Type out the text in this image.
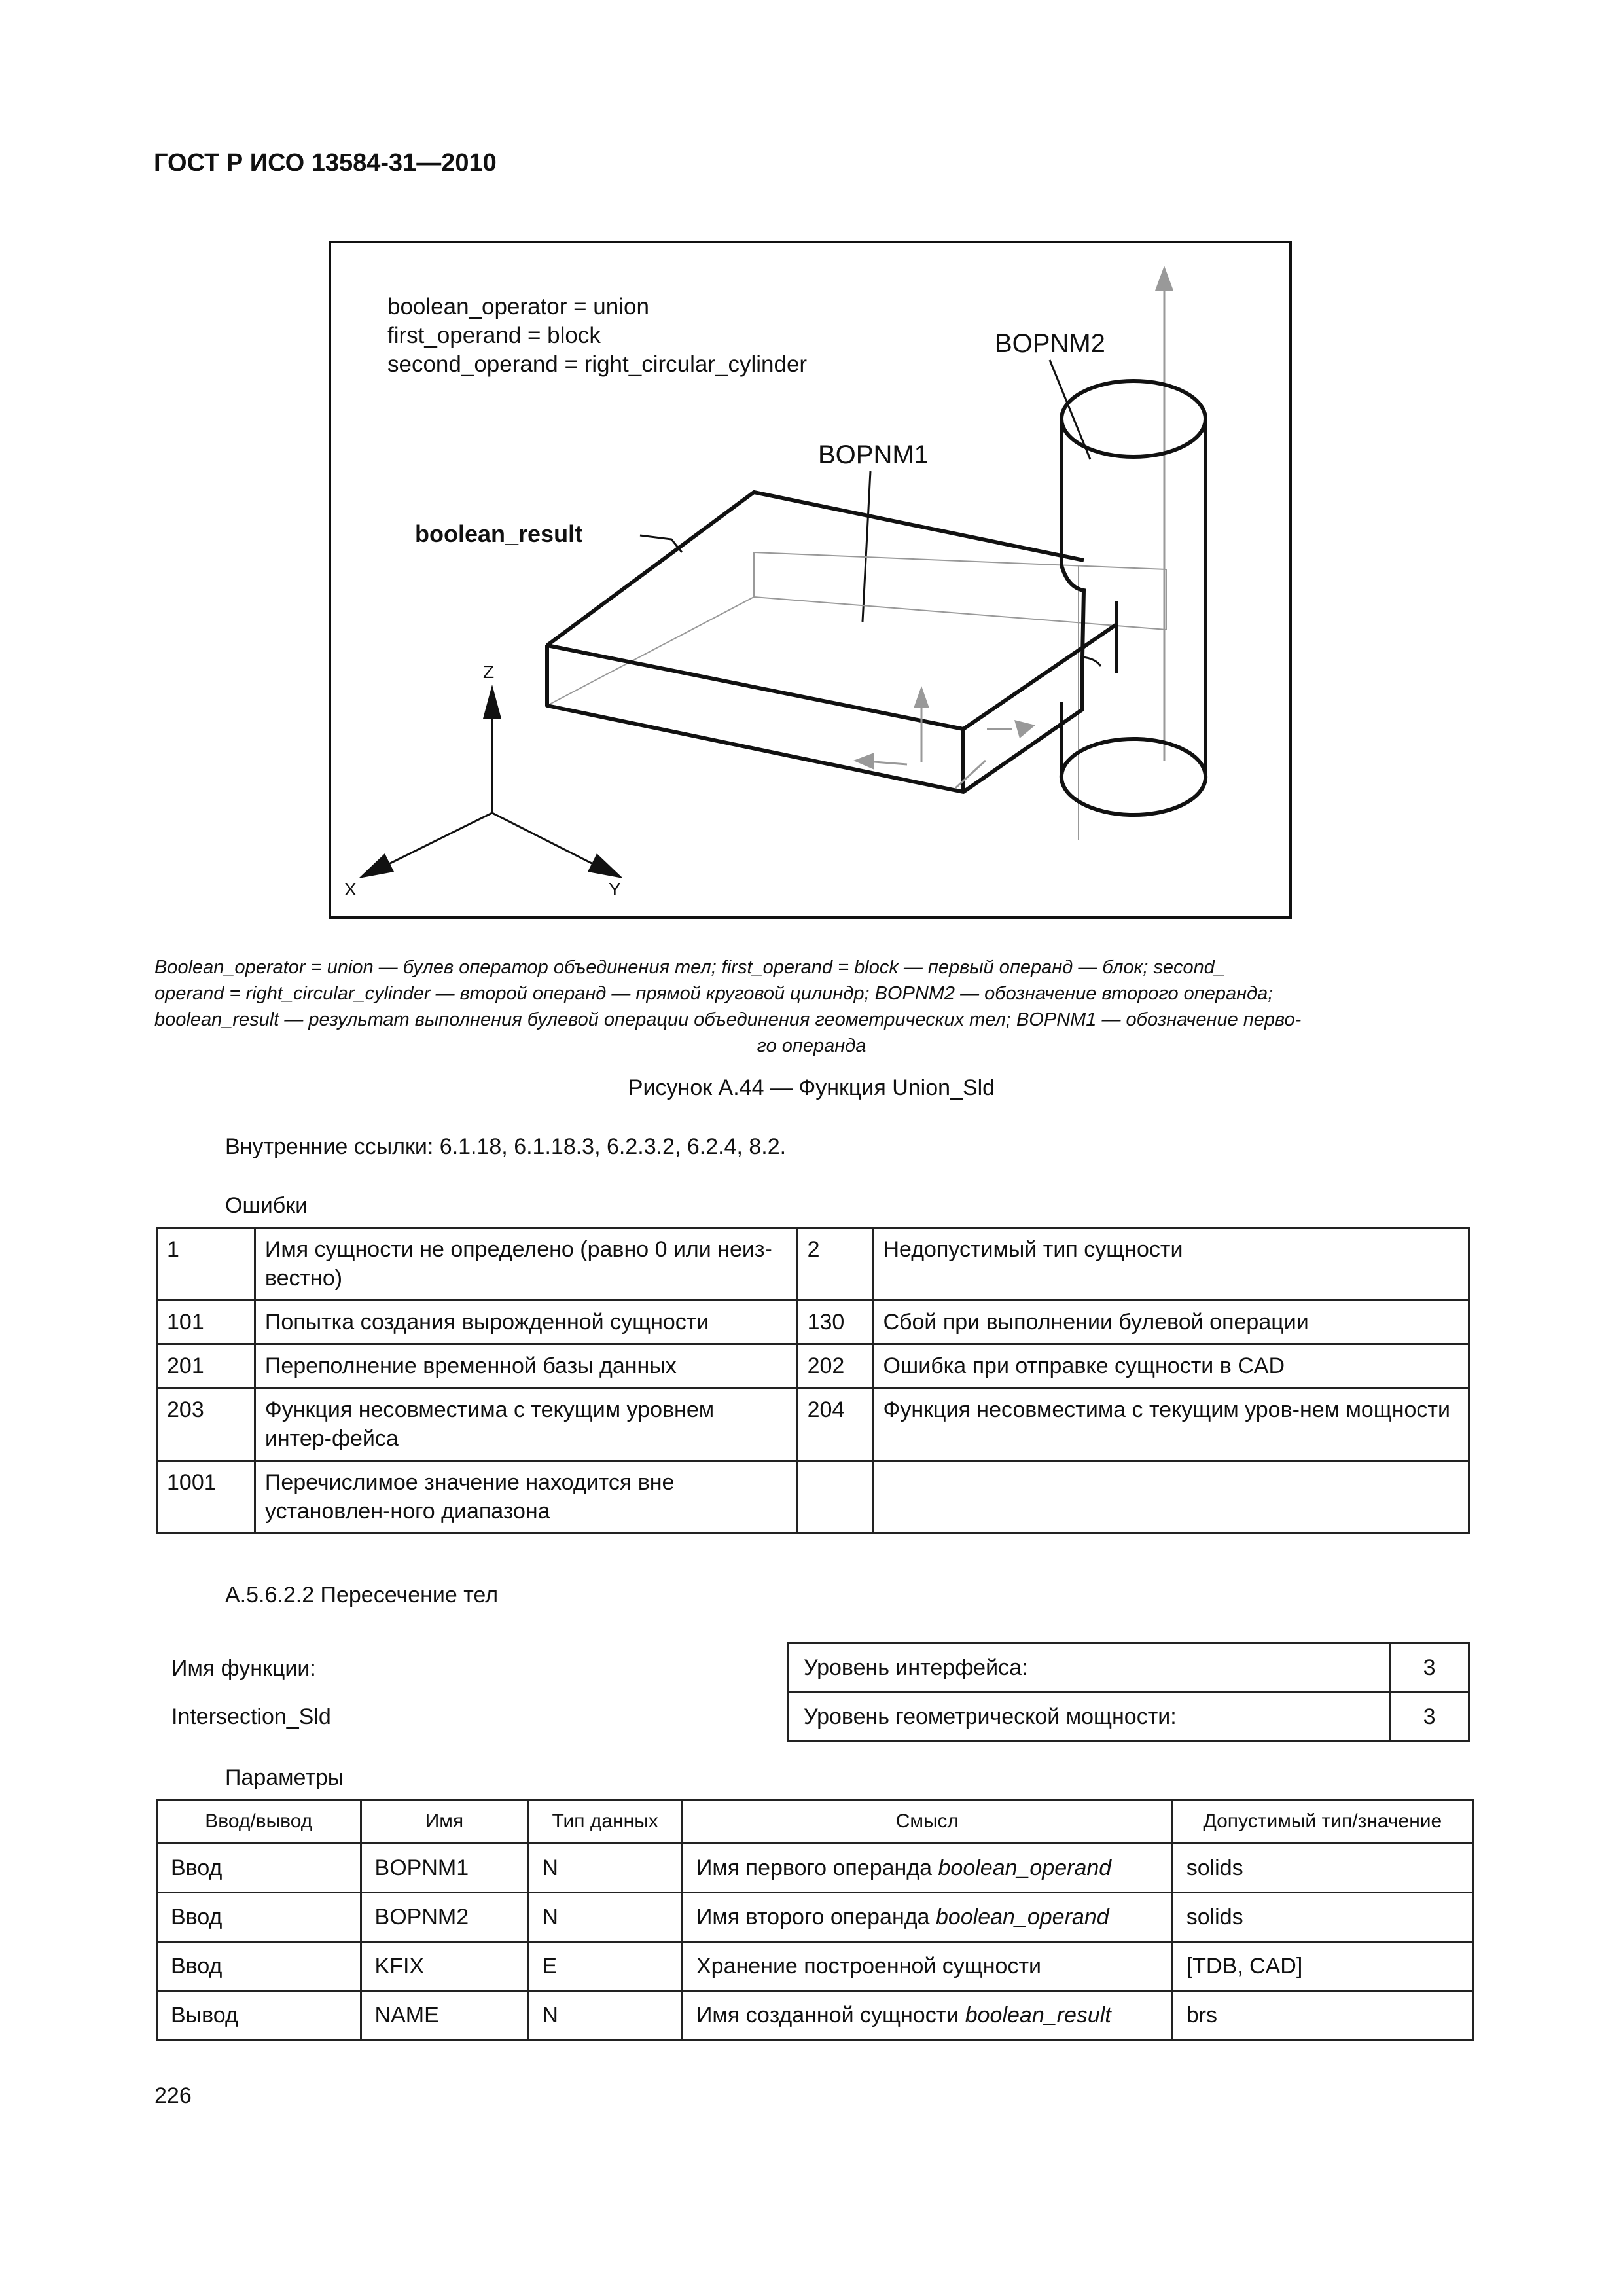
ГОСТ Р ИСО 13584-31—2010
boolean_operator = union
first_operand = block
second_operand = right_circular_cylinder
BOPNM2
BOPNM1
boolean_result
Z
X	Y
Boolean_operator = union — булев оператор объединения тел; first_operand = block — первый операнд — блок; second_
operand = right_circular_cylinder — второй операнд — прямой круговой цилиндр; BOPNM2 — обозначение второго операнда;
boolean_result — результат выполнения булевой операции объединения геометрических тел; BOPNM1 — обозначение перво-
го операнда
Рисунок А.44 — Функция Union_Sld
Внутренние ссылки: 6.1.18, 6.1.18.3, 6.2.3.2, 6.2.4, 8.2.
Ошибки
1	Имя сущности не определено (равно 0 или неиз-вестно)	2	Недопустимый тип сущности
101	Попытка создания вырожденной сущности	130	Сбой при выполнении булевой операции
201	Переполнение временной базы данных	202	Ошибка при отправке сущности в CAD
203	Функция несовместима с текущим уровнем интер-фейса	204	Функция несовместима с текущим уров-нем мощности
1001	Перечислимое значение находится вне установлен-ного диапазона		
А.5.6.2.2 Пересечение тел
Имя функции:
Intersection_Sld
Уровень интерфейса:	3
Уровень геометрической мощности:	3
Параметры
Ввод/вывод	Имя	Тип данных	Смысл	Допустимый тип/значение
Ввод	BOPNM1	N	Имя первого операнда boolean_operand	solids
Ввод	BOPNM2	N	Имя второго операнда boolean_operand	solids
Ввод	KFIX	E	Хранение построенной сущности	[TDB, CAD]
Вывод	NAME	N	Имя созданной сущности boolean_result	brs
226
